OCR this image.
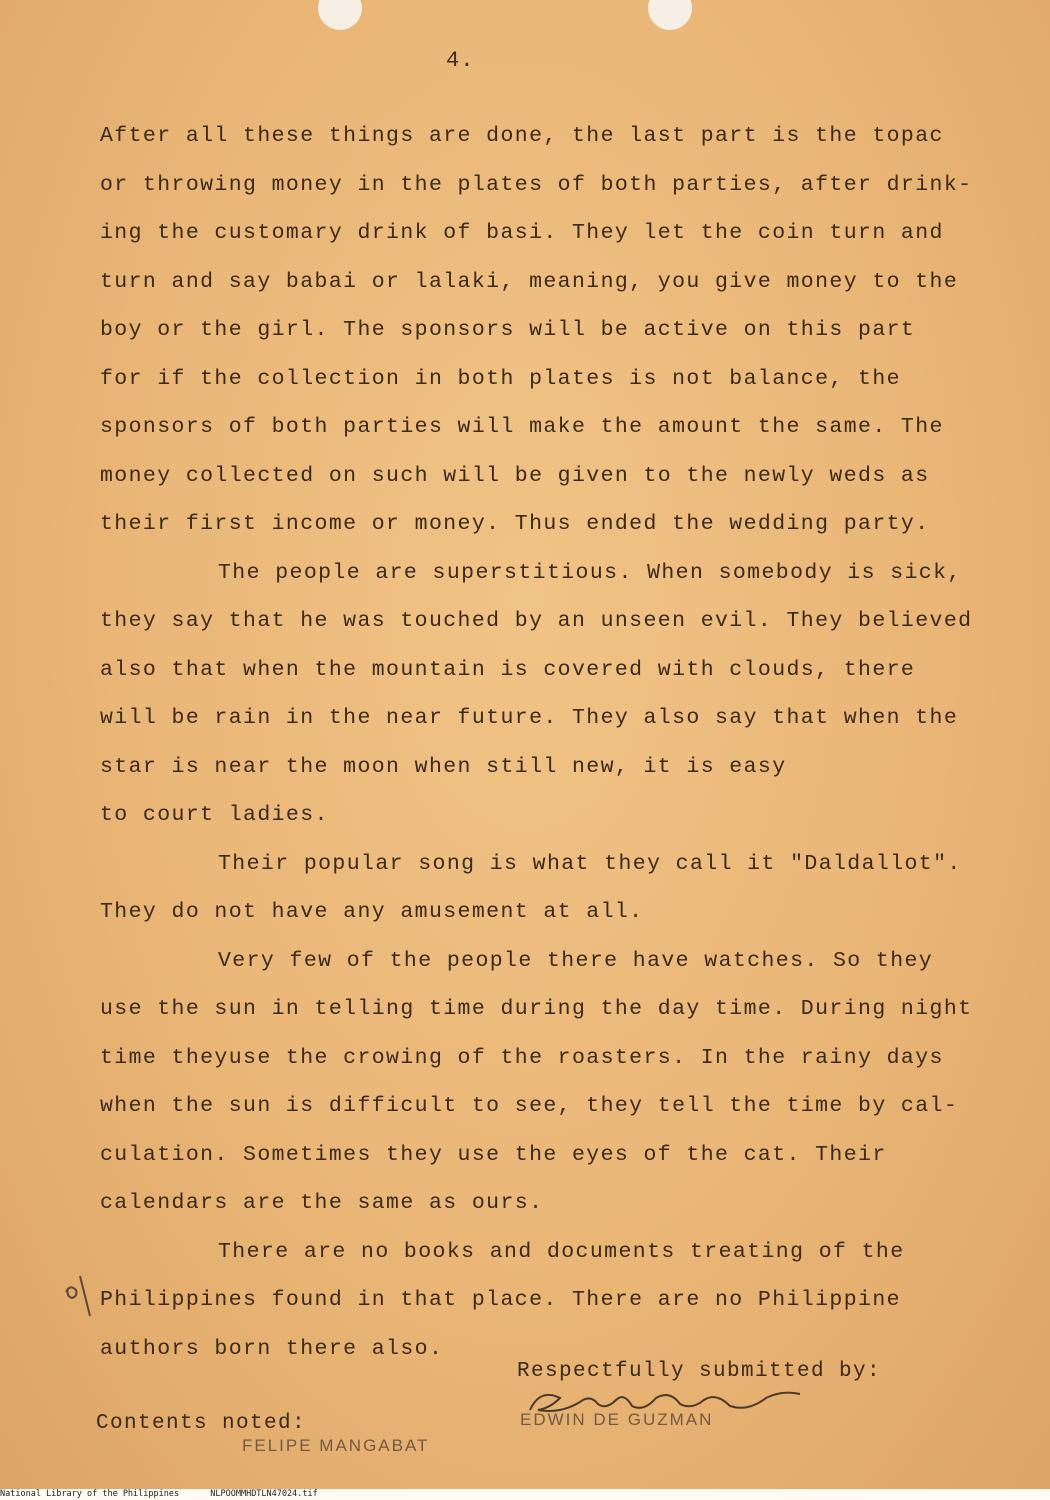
4.

After all these things are done, the last part is the topac
or throwing money in the plates of both parties, after drink-
ing the customary drink of basi. They let the coin turn and
turn and say babai or lalaki, meaning, you give money to the
boy or the girl. The sponsors will be active on this part
for if the collection in both plates is not balance, the
sponsors of both parties will make the amount the same. The
money collected on such will be given to the newly weds as
their first income or money. Thus ended the wedding party.

The people are superstitious. When somebody is sick,
they say that he was touched by an unseen evil. They believed
also that when the mountain is covered with clouds, there
will be rain in the near future. They also say that when the
star is near the moon when still new, it is easy
to court ladies.

Their popular song is what they call it "Daldallot".
They do not have any amusement at all.

Very few of the people there have watches. So they
use the sun in telling time during the day time. During night
time theyuse the crowing of the roasters. In the rainy days
when the sun is difficult to see, they tell the time by cal-
culation. Sometimes they use the eyes of the cat. Their
calendars are the same as ours.

There are no books and documents treating of the
Philippines found in that place. There are no Philippine
authors born there also.

Respectfully submitted by:
EDWIN DE GUZMAN
Contents noted:
FELIPE MANGABAT
National Library of the Philippines	NLPOOMMHDTLN47024.tif
